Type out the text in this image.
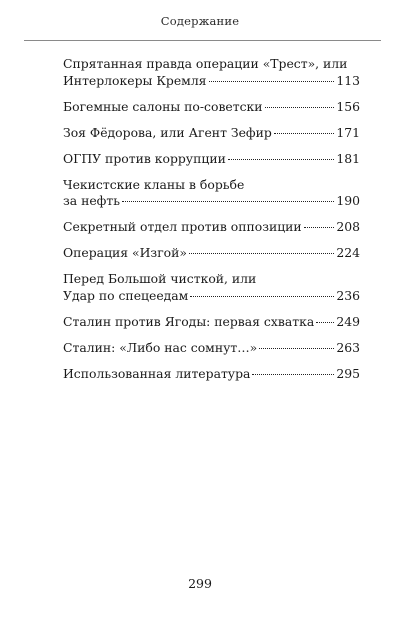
Содержание
Спрятанная правда операции «Трест», или
Интерлокеры Кремля	113
Богемные салоны по-советски	156
Зоя Фёдорова, или Агент Зефир	171
ОГПУ против коррупции	181
Чекистские кланы в борьбе
за нефть	190
Секретный отдел против оппозиции	208
Операция «Изгой»	224
Перед Большой чисткой, или
Удар по спецеедам	236
Сталин против Ягоды: первая схватка 249
Сталин: «Либо нас сомнут…»	263
Использованная литература	295
299
